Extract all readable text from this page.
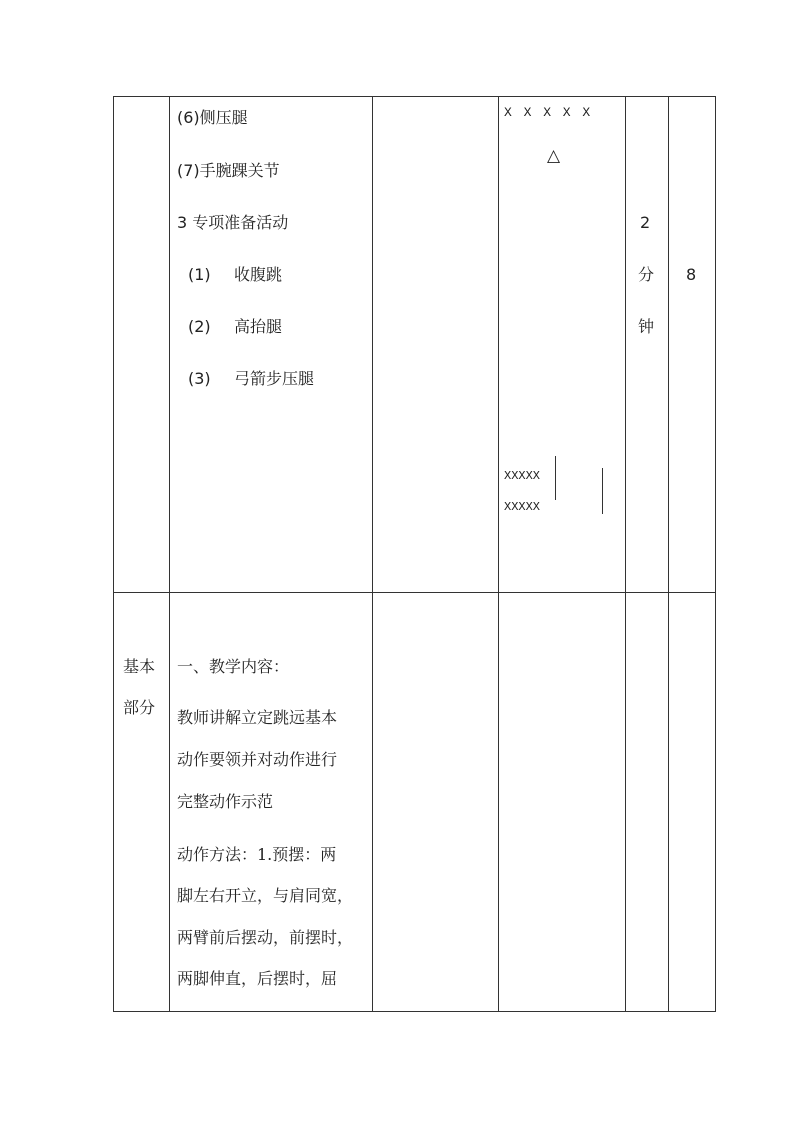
(6)侧压腿
(7)手腕踝关节
3 专项准备活动
(1) 收腹跳
(2) 高抬腿
(3) 弓箭步压腿
X X X X X
△
XXXXX
XXXXX
2
分
钟
8
基本
部分
一、教学内容：
教师讲解立定跳远基本
动作要领并对动作进行
完整动作示范
动作方法：1.预摆：两
脚左右开立，与肩同宽，
两臂前后摆动，前摆时，
两脚伸直，后摆时，屈
